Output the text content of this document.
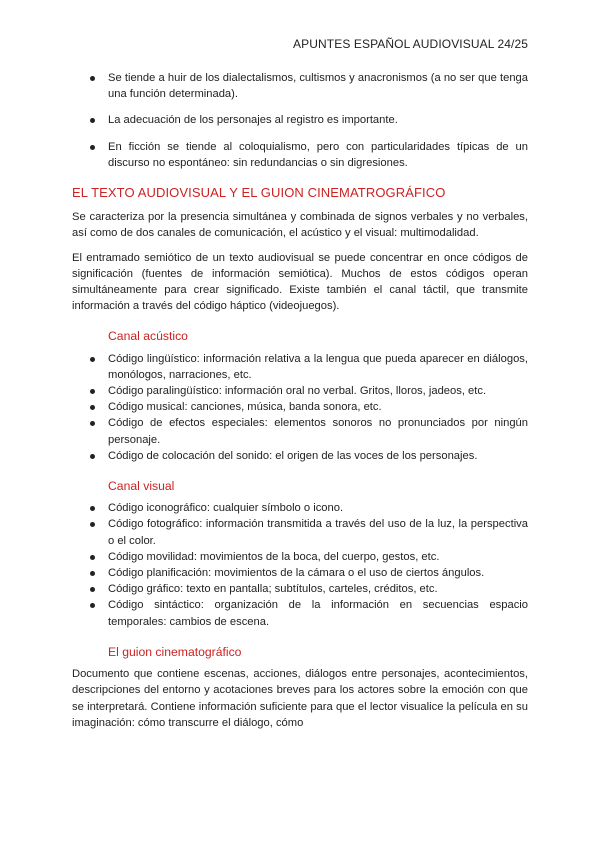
APUNTES ESPAÑOL AUDIOVISUAL 24/25
Se tiende a huir de los dialectalismos, cultismos y anacronismos (a no ser que tenga una función determinada).
La adecuación de los personajes al registro es importante.
En ficción se tiende al coloquialismo, pero con particularidades típicas de un discurso no espontáneo: sin redundancias o sin digresiones.
EL TEXTO AUDIOVISUAL Y EL GUION CINEMATROGRÁFICO

Se caracteriza por la presencia simultánea y combinada de signos verbales y no verbales, así como de dos canales de comunicación, el acústico y el visual: multimodalidad.

El entramado semiótico de un texto audiovisual se puede concentrar en once códigos de significación (fuentes de información semiótica). Muchos de estos códigos operan simultáneamente para crear significado. Existe también el canal táctil, que transmite información a través del código háptico (videojuegos).

Canal acústico
Código lingüístico: información relativa a la lengua que pueda aparecer en diálogos, monólogos, narraciones, etc.
Código paralingüístico: información oral no verbal. Gritos, lloros, jadeos, etc.
Código musical: canciones, música, banda sonora, etc.
Código de efectos especiales: elementos sonoros no pronunciados por ningún personaje.
Código de colocación del sonido: el origen de las voces de los personajes.
Canal visual
Código iconográfico: cualquier símbolo o icono.
Código fotográfico: información transmitida a través del uso de la luz, la perspectiva o el color.
Código movilidad: movimientos de la boca, del cuerpo, gestos, etc.
Código planificación: movimientos de la cámara o el uso de ciertos ángulos.
Código gráfico: texto en pantalla; subtítulos, carteles, créditos, etc.
Código sintáctico: organización de la información en secuencias espacio temporales: cambios de escena.
El guion cinematográfico

Documento que contiene escenas, acciones, diálogos entre personajes, acontecimientos, descripciones del entorno y acotaciones breves para los actores sobre la emoción con que se interpretará. Contiene información suficiente para que el lector visualice la película en su imaginación: cómo transcurre el diálogo, cómo
